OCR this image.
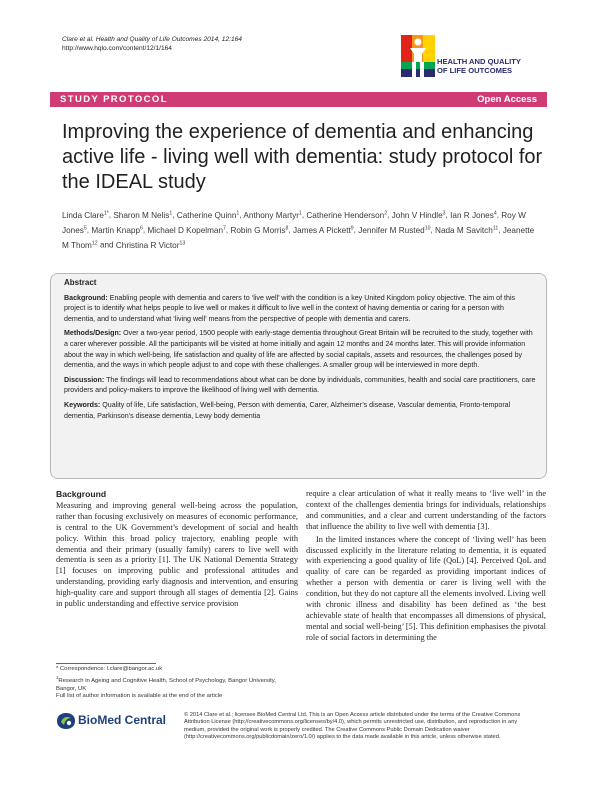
Clare et al. Health and Quality of Life Outcomes 2014, 12:164
http://www.hqlo.com/content/12/1/164
HEALTH AND QUALITY
OF LIFE OUTCOMES
STUDY PROTOCOL	Open Access
Improving the experience of dementia and enhancing active life - living well with dementia: study protocol for the IDEAL study
Linda Clare$^{1*}$, Sharon M Nelis$^1$, Catherine Quinn$^1$, Anthony Martyr$^1$, Catherine Henderson$^2$, John V Hindle$^3$, Ian R Jones$^4$, Roy W Jones$^5$, Martin Knapp$^6$, Michael D Kopelman$^7$, Robin G Morris$^8$, James A Pickett$^9$, Jennifer M Rusted$^{10}$, Nada M Savitch$^{11}$, Jeanette M Thom$^{12}$ and Christina R Victor$^{13}$
Abstract

Background: Enabling people with dementia and carers to ‘live well’ with the condition is a key United Kingdom policy objective. The aim of this project is to identify what helps people to live well or makes it difficult to live well in the context of having dementia or caring for a person with dementia, and to understand what ‘living well’ means from the perspective of people with dementia and carers.

Methods/Design: Over a two-year period, 1500 people with early-stage dementia throughout Great Britain will be recruited to the study, together with a carer wherever possible. All the participants will be visited at home initially and again 12 months and 24 months later. This will provide information about the way in which well-being, life satisfaction and quality of life are affected by social capitals, assets and resources, the challenges posed by dementia, and the ways in which people adjust to and cope with these challenges. A smaller group will be interviewed in more depth.

Discussion: The findings will lead to recommendations about what can be done by individuals, communities, health and social care practitioners, care providers and policy-makers to improve the likelihood of living well with dementia.

Keywords: Quality of life, Life satisfaction, Well-being, Person with dementia, Carer, Alzheimer’s disease, Vascular dementia, Fronto-temporal dementia, Parkinson’s disease dementia, Lewy body dementia

Background

Measuring and improving general well-being across the population, rather than focusing exclusively on measures of economic performance, is central to the UK Government’s development of social and health policy. Within this broad policy trajectory, enabling people with dementia and their primary (usually family) carers to live well with dementia is seen as a priority [1]. The UK National Dementia Strategy [1] focuses on improving public and professional attitudes and understanding, providing early diagnosis and intervention, and ensuring high-quality care and support through all stages of dementia [2]. Gains in public understanding and effective service provision

require a clear articulation of what it really means to ‘live well’ in the context of the challenges dementia brings for individuals, relationships and communities, and a clear and current understanding of the factors that influence the ability to live well with dementia [3].

In the limited instances where the concept of ‘living well’ has been discussed explicitly in the literature relating to dementia, it is equated with experiencing a good quality of life (QoL) [4]. Perceived QoL and quality of care can be regarded as providing important indices of whether a person with dementia or carer is living well with the condition, but they do not capture all the elements involved. Living well with chronic illness and disability has been defined as ‘the best achievable state of health that encompasses all dimensions of physical, mental and social well-being’ [5]. This definition emphasises the pivotal role of social factors in determining the

* Correspondence: l.clare@bangor.ac.uk
$^1$Research in Ageing and Cognitive Health, School of Psychology, Bangor University, Bangor, UK
Full list of author information is available at the end of the article
BioMed Central	© 2014 Clare et al.; licensee BioMed Central Ltd. This is an Open Access article distributed under the terms of the Creative Commons Attribution License (http://creativecommons.org/licenses/by/4.0), which permits unrestricted use, distribution, and reproduction in any medium, provided the original work is properly credited. The Creative Commons Public Domain Dedication waiver (http://creativecommons.org/publicdomain/zero/1.0/) applies to the data made available in this article, unless otherwise stated.
